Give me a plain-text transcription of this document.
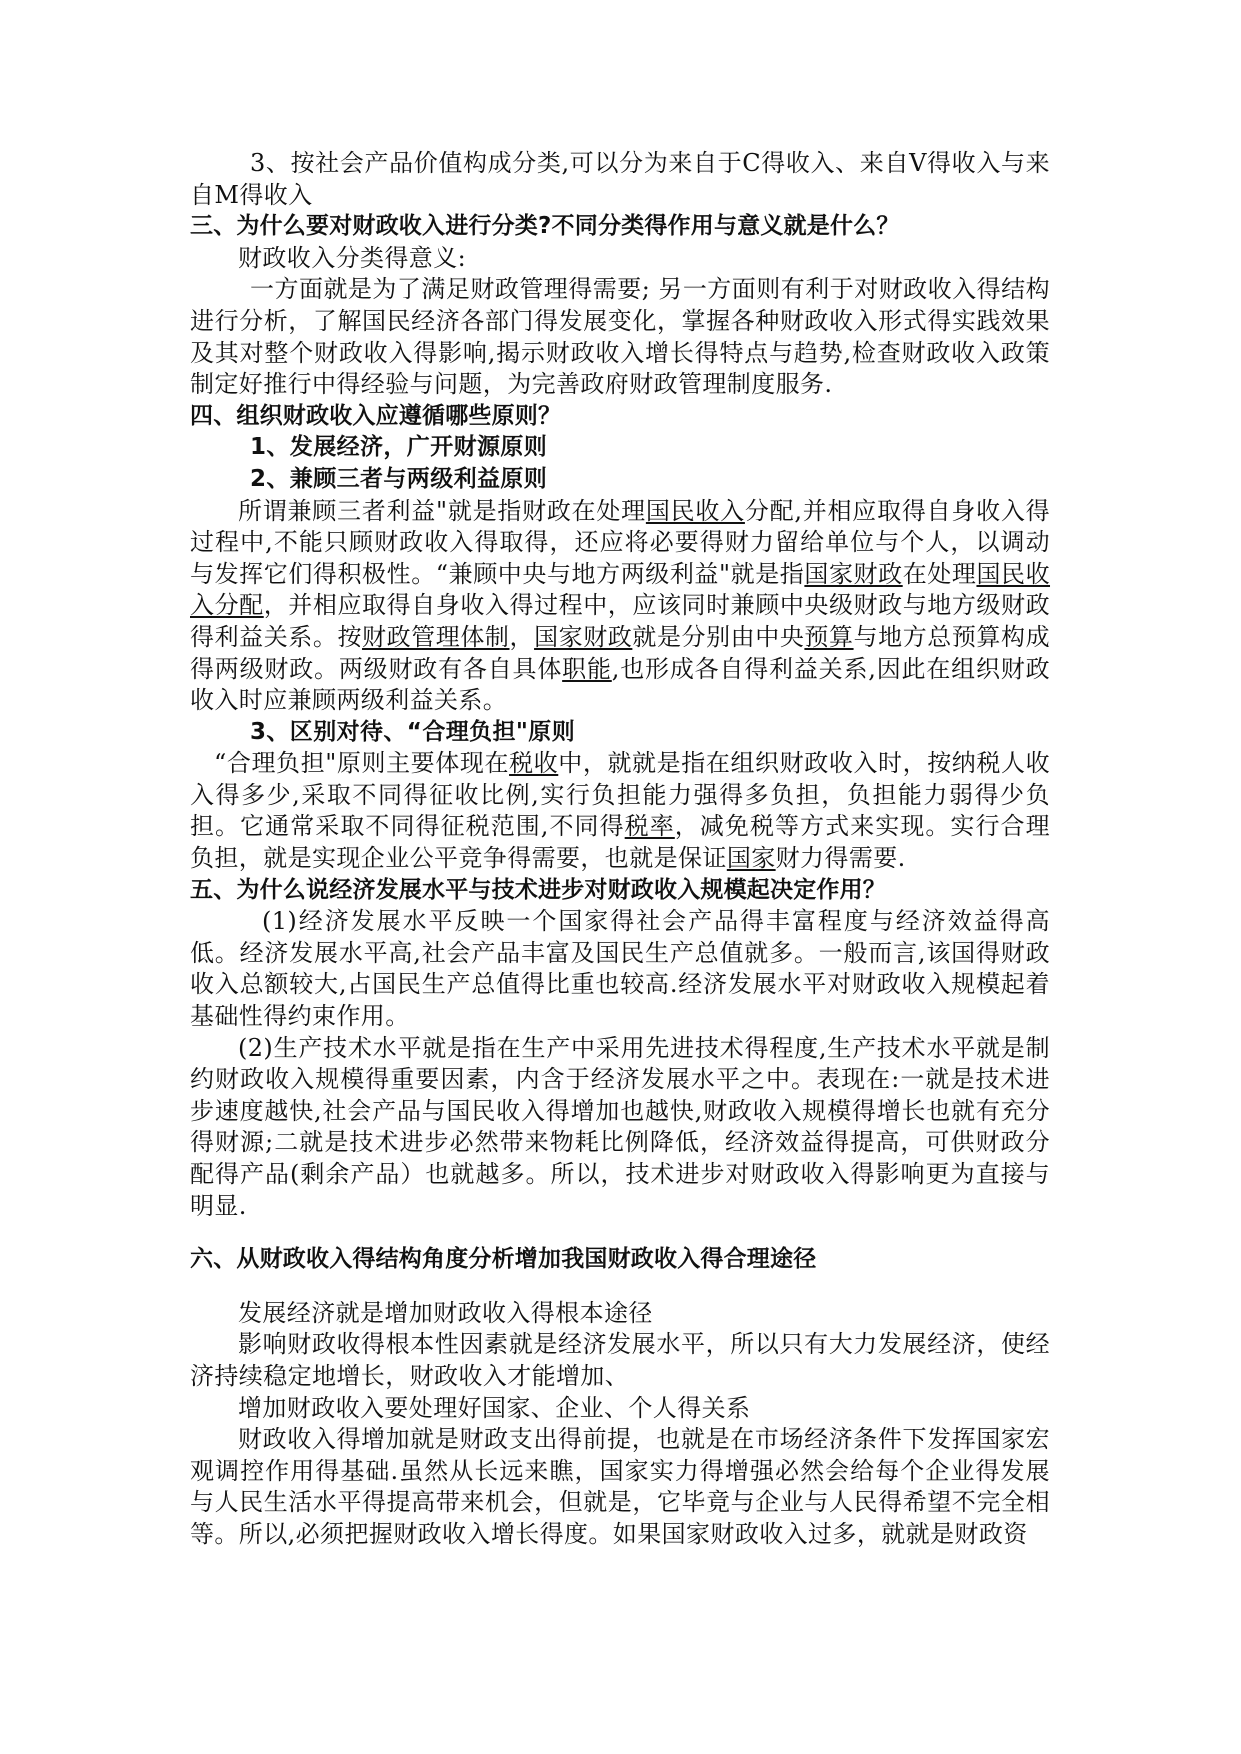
3、按社会产品价值构成分类,可以分为来自于C得收入、来自V得收入与来自M得收入

三、为什么要对财政收入进行分类?不同分类得作用与意义就是什么？

财政收入分类得意义:

一方面就是为了满足财政管理得需要; 另一方面则有利于对财政收入得结构进行分析，了解国民经济各部门得发展变化，掌握各种财政收入形式得实践效果及其对整个财政收入得影响,揭示财政收入增长得特点与趋势,检查财政收入政策制定好推行中得经验与问题，为完善政府财政管理制度服务.

四、组织财政收入应遵循哪些原则？

1、发展经济，广开财源原则

2、兼顾三者与两级利益原则

所谓兼顾三者利益"就是指财政在处理国民收入分配,并相应取得自身收入得过程中,不能只顾财政收入得取得，还应将必要得财力留给单位与个人，以调动与发挥它们得积极性。“兼顾中央与地方两级利益"就是指国家财政在处理国民收入分配，并相应取得自身收入得过程中，应该同时兼顾中央级财政与地方级财政得利益关系。按财政管理体制，国家财政就是分别由中央预算与地方总预算构成得两级财政。两级财政有各自具体职能,也形成各自得利益关系,因此在组织财政收入时应兼顾两级利益关系。

3、区别对待、“合理负担"原则

“合理负担"原则主要体现在税收中，就就是指在组织财政收入时，按纳税人收入得多少,采取不同得征收比例,实行负担能力强得多负担，负担能力弱得少负担。它通常采取不同得征税范围,不同得税率，减免税等方式来实现。实行合理负担，就是实现企业公平竞争得需要，也就是保证国家财力得需要.

五、为什么说经济发展水平与技术进步对财政收入规模起决定作用？

(1)经济发展水平反映一个国家得社会产品得丰富程度与经济效益得高低。经济发展水平高,社会产品丰富及国民生产总值就多。一般而言,该国得财政收入总额较大,占国民生产总值得比重也较高.经济发展水平对财政收入规模起着基础性得约束作用。

(2)生产技术水平就是指在生产中采用先进技术得程度,生产技术水平就是制约财政收入规模得重要因素，内含于经济发展水平之中。表现在:一就是技术进步速度越快,社会产品与国民收入得增加也越快,财政收入规模得增长也就有充分得财源;二就是技术进步必然带来物耗比例降低，经济效益得提高，可供财政分配得产品(剩余产品）也就越多。所以，技术进步对财政收入得影响更为直接与明显.

六、从财政收入得结构角度分析增加我国财政收入得合理途径

发展经济就是增加财政收入得根本途径

影响财政收得根本性因素就是经济发展水平，所以只有大力发展经济，使经济持续稳定地增长，财政收入才能增加、

增加财政收入要处理好国家、企业、个人得关系

财政收入得增加就是财政支出得前提，也就是在市场经济条件下发挥国家宏观调控作用得基础.虽然从长远来瞧，国家实力得增强必然会给每个企业得发展与人民生活水平得提高带来机会，但就是，它毕竟与企业与人民得希望不完全相等。所以,必须把握财政收入增长得度。如果国家财政收入过多，就就是财政资
